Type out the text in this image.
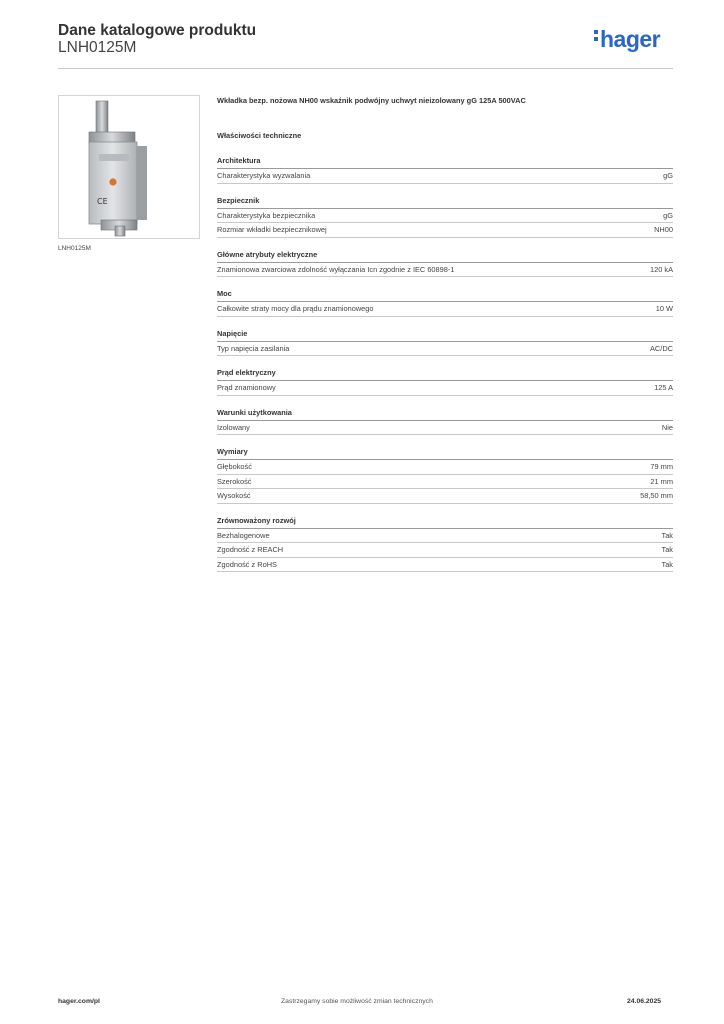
Dane katalogowe produktu
LNH0125M	hager
CE
LNH0125M
Wkładka bezp. nożowa NH00 wskaźnik podwójny uchwyt nieizolowany gG 125A 500VAC
Właściwości techniczne
Architektura
Charakterystyka wyzwalania	gG
Bezpiecznik
Charakterystyka bezpiecznika	gG
Rozmiar wkładki bezpiecznikowej	NH00
Główne atrybuty elektryczne
Znamionowa zwarciowa zdolność wyłączania Icn zgodnie z IEC 60898-1	120 kA
Moc
Całkowite straty mocy dla prądu znamionowego	10 W
Napięcie
Typ napięcia zasilania	AC/DC
Prąd elektryczny
Prąd znamionowy	125 A
Warunki użytkowania
Izolowany	Nie
Wymiary
Głębokość	79 mm
Szerokość	21 mm
Wysokość	58,50 mm
Zrównoważony rozwój
Bezhalogenowe	Tak
Zgodność z REACH	Tak
Zgodność z RoHS	Tak
hager.com/pl	Zastrzegamy sobie możliwość zmian technicznych	24.06.2025
